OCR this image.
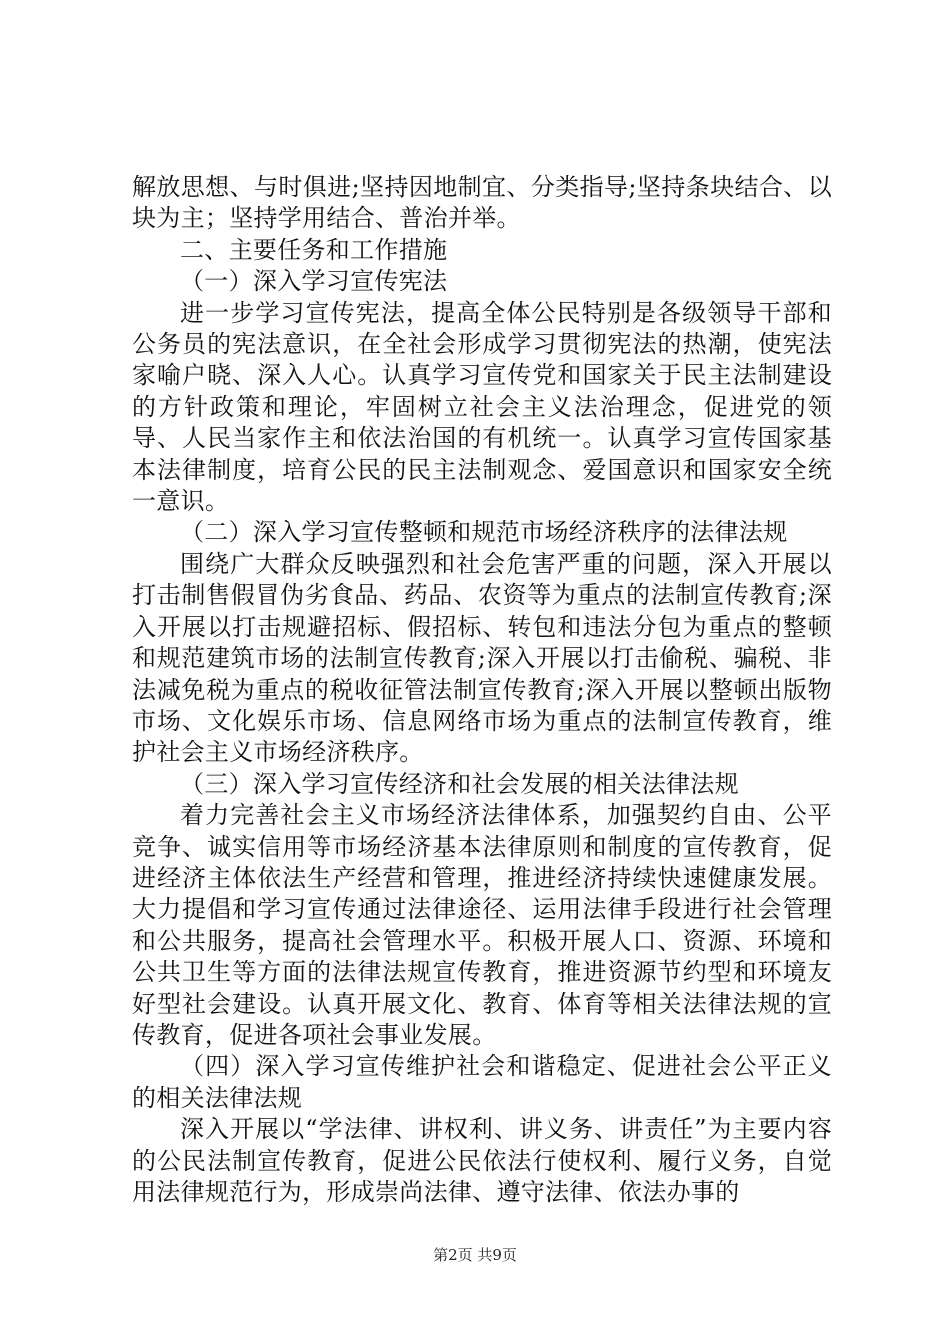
解放思想、与时俱进;坚持因地制宜、分类指导;坚持条块结合、以块为主；坚持学用结合、普治并举。

二、主要任务和工作措施

（一）深入学习宣传宪法

进一步学习宣传宪法，提高全体公民特别是各级领导干部和公务员的宪法意识，在全社会形成学习贯彻宪法的热潮，使宪法家喻户晓、深入人心。认真学习宣传党和国家关于民主法制建设的方针政策和理论，牢固树立社会主义法治理念，促进党的领导、人民当家作主和依法治国的有机统一。认真学习宣传国家基本法律制度，培育公民的民主法制观念、爱国意识和国家安全统一意识。

（二）深入学习宣传整顿和规范市场经济秩序的法律法规

围绕广大群众反映强烈和社会危害严重的问题，深入开展以打击制售假冒伪劣食品、药品、农资等为重点的法制宣传教育;深入开展以打击规避招标、假招标、转包和违法分包为重点的整顿和规范建筑市场的法制宣传教育;深入开展以打击偷税、骗税、非法减免税为重点的税收征管法制宣传教育;深入开展以整顿出版物市场、文化娱乐市场、信息网络市场为重点的法制宣传教育，维护社会主义市场经济秩序。

（三）深入学习宣传经济和社会发展的相关法律法规

着力完善社会主义市场经济法律体系，加强契约自由、公平竞争、诚实信用等市场经济基本法律原则和制度的宣传教育，促进经济主体依法生产经营和管理，推进经济持续快速健康发展。大力提倡和学习宣传通过法律途径、运用法律手段进行社会管理和公共服务，提高社会管理水平。积极开展人口、资源、环境和公共卫生等方面的法律法规宣传教育，推进资源节约型和环境友好型社会建设。认真开展文化、教育、体育等相关法律法规的宣传教育，促进各项社会事业发展。

（四）深入学习宣传维护社会和谐稳定、促进社会公平正义的相关法律法规

深入开展以“学法律、讲权利、讲义务、讲责任”为主要内容的公民法制宣传教育，促进公民依法行使权利、履行义务，自觉用法律规范行为，形成崇尚法律、遵守法律、依法办事的

第2页 共9页
